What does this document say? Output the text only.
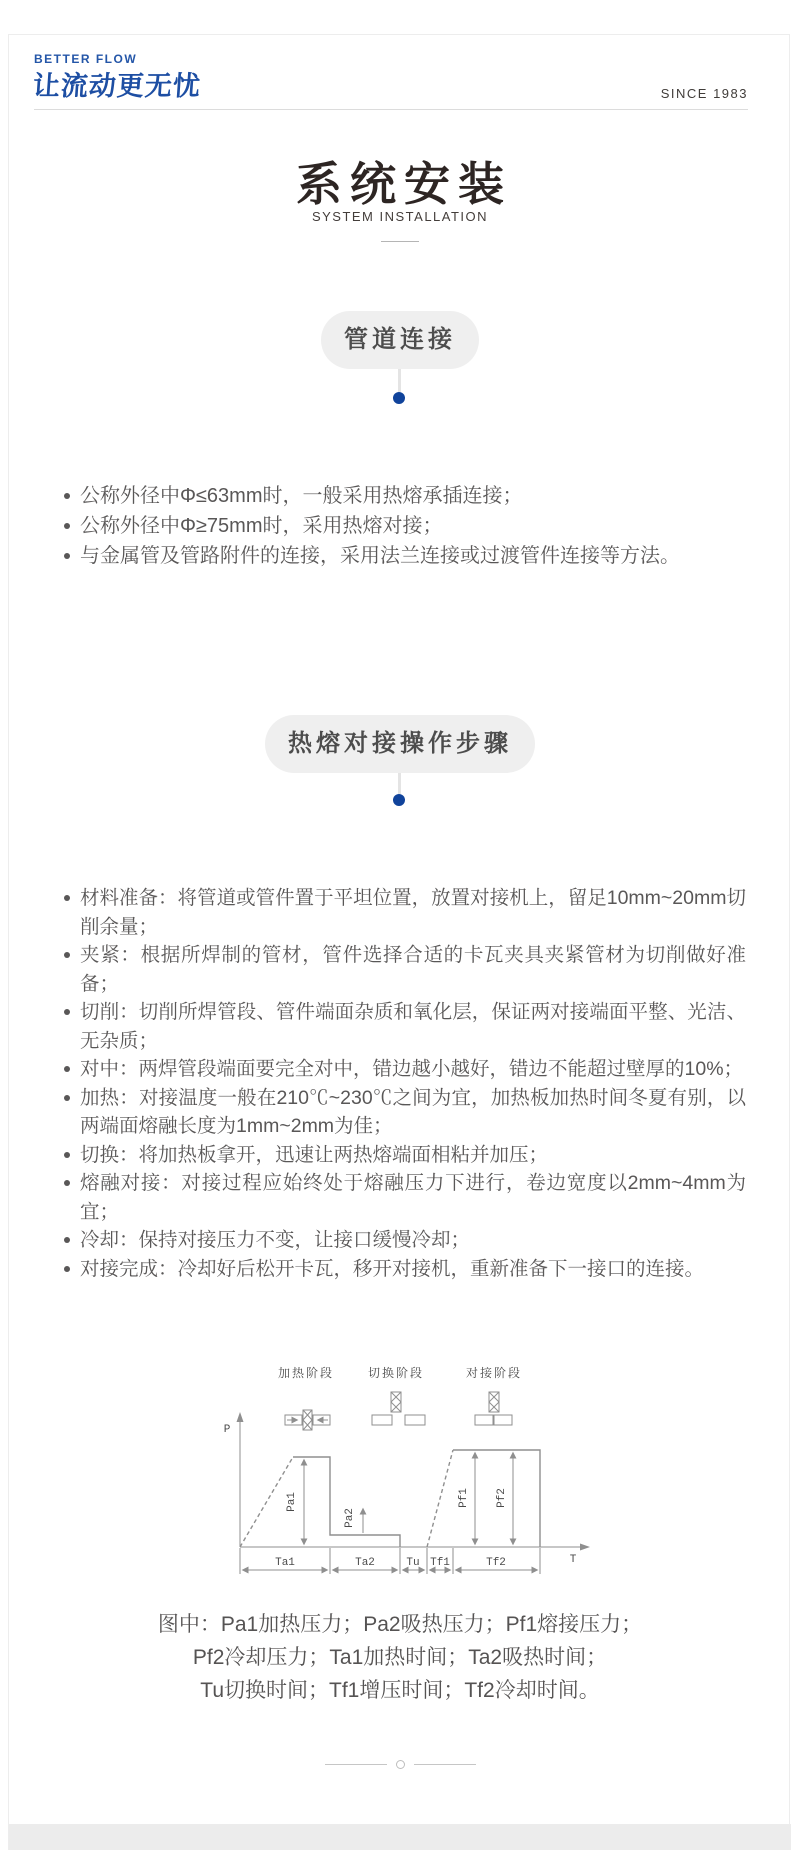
BETTER FLOW
让流动更无忧	SINCE 1983
系统安装
SYSTEM INSTALLATION
管道连接
公称外径中Φ≤63mm时，一般采用热熔承插连接；
公称外径中Φ≥75mm时，采用热熔对接；
与金属管及管路附件的连接，采用法兰连接或过渡管件连接等方法。
热熔对接操作步骤
材料准备：将管道或管件置于平坦位置，放置对接机上，留足10mm~20mm切削余量；
夹紧：根据所焊制的管材，管件选择合适的卡瓦夹具夹紧管材为切削做好准备；
切削：切削所焊管段、管件端面杂质和氧化层，保证两对接端面平整、光洁、无杂质；
对中：两焊管段端面要完全对中，错边越小越好，错边不能超过壁厚的10%；
加热：对接温度一般在210℃~230℃之间为宜，加热板加热时间冬夏有别，以两端面熔融长度为1mm~2mm为佳；
切换：将加热板拿开，迅速让两热熔端面相粘并加压；
熔融对接：对接过程应始终处于熔融压力下进行，卷边宽度以2mm~4mm为宜；
冷却：保持对接压力不变，让接口缓慢冷却；
对接完成：冷却好后松开卡瓦，移开对接机，重新准备下一接口的连接。
加热阶段	切换阶段	对接阶段
P
T
Pa1
Pa2
Pf1 Pf2
Ta1	Ta2	Tu Tf1	Tf2
图中：Pa1加热压力；Pa2吸热压力；Pf1熔接压力；
Pf2冷却压力；Ta1加热时间；Ta2吸热时间；
Tu切换时间；Tf1增压时间；Tf2冷却时间。
